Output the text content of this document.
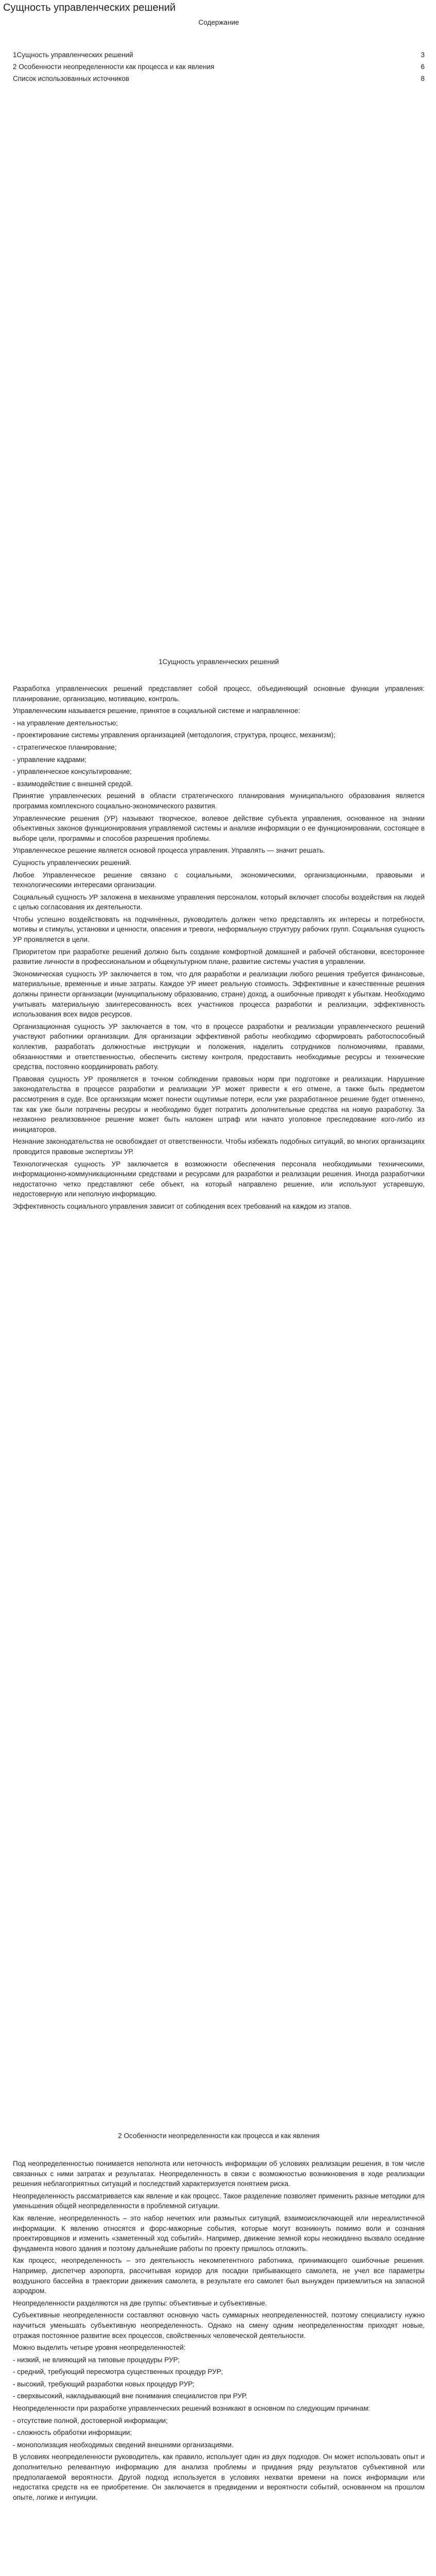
Сущность управленческих решений

Содержание

1Сущность управленческих решений	3
2 Особенности неопределенности как процесса и как явления	6
Список использованных источников	8

1Сущность управленческих решений

Разработка управленческих решений представляет собой процесс, объединяющий основные функции управления: планирование, организацию, мотивацию, контроль.

Управленческим называется решение, принятое в социальной системе и направленное:

- на управление деятельностью;

- проектирование системы управления организацией (методология, структура, процесс, механизм);

- стратегическое планирование;

- управление кадрами;

- управленческое консультирование;

- взаимодействие с внешней средой.

Принятие управленческих решений в области стратегического планирования муниципального образования является программа комплексного социально-экономического развития.

Управленческие решения (УР) называют творческое, волевое действие субъекта управления, основанное на знании объективных законов функционирования управляемой системы и анализе информации о ее функционировании, состоящее в выборе цели, программы и способов разрешения проблемы.

Управленческое решение является основой процесса управления. Управлять — значит решать.

Сущность управленческих решений.

Любое Управленческое решение связано с социальными, экономическими, организационными, правовыми и технологическими интересами организации.

Социальный сущность УР заложена в механизме управления персоналом, который включает способы воздействия на людей с целью согласования их деятельности.

Чтобы успешно воздействовать на подчинённых, руководитель должен четко представлять их интересы и потребности, мотивы и стимулы, установки и ценности, опасения и тревоги, неформальную структуру рабочих групп. Социальная сущность УР проявляется в цели.

Приоритетом при разработке решений должно быть создание комфортной домашней и рабочей обстановки, всестороннее развитие личности в профессиональном и общекультурном плане, развитие системы участия в управлении.

Экономическая сущность УР заключается в том, что для разработки и реализации любого решения требуется финансовые, материальные, временные и иные затраты. Каждое УР имеет реальную стоимость. Эффективные и качественные решения должны принести организации (муниципальному образованию, стране) доход, а ошибочные приводят к убыткам. Необходимо учитывать материальную заинтересованность всех участников процесса разработки и реализации, эффективность использования всех видов ресурсов.

Организационная сущность УР заключается в том, что в процессе разработки и реализации управленческого решений участвуют работники организации. Для организации эффективной работы необходимо сформировать работоспособный коллектив, разработать должностные инструкции и положения, наделить сотрудников полномочиями, правами, обязанностями и ответственностью, обеспечить систему контроля, предоставить необходимые ресурсы и технические средства, постоянно координировать работу.

Правовая сущность УР проявляется в точном соблюдении правовых норм при подготовке и реализации. Нарушение законодательства в процессе разработки и реализации УР может привести к его отмене, а также быть предметом рассмотрения в суде. Все организации может понести ощутимые потери, если уже разработанное решение будет отменено, так как уже были потрачены ресурсы и необходимо будет потратить дополнительные средства на новую разработку. За незаконно реализованное решение может быть наложен штраф или начато уголовное преследование кого-либо из инициаторов.

Незнание законодательства не освобождает от ответственности. Чтобы избежать подобных ситуаций, во многих организациях проводится правовые экспертизы УР.

Технологическая сущность УР заключается в возможности обеспечения персонала необходимыми техническими, информационно-коммуникационными средствами и ресурсами для разработки и реализации решения. Иногда разработчики недостаточно четко представляют себе объект, на который направлено решение, или используют устаревшую, недостоверную или неполную информацию.

Эффективность социального управления зависит от соблюдения всех требований на каждом из этапов.

2 Особенности неопределенности как процесса и как явления

Под неопределенностью понимается неполнота или неточность информации об условиях реализации решения, в том числе связанных с ними затратах и результатах. Неопределенность в связи с возможностью возникновения в ходе реализации решения неблагоприятных ситуаций и последствий характеризуется понятием риска.

Неопределенность рассматривается как явление и как процесс. Такое разделение позволяет применить разные методики для уменьшения общей неопределенности в проблемной ситуации.

Как явление, неопределенность – это набор нечетких или размытых ситуаций, взаимоисключающей или нереалистичной информации. К явлению относятся и форс-мажорные события, которые могут возникнуть помимо воли и сознания проектировщиков и изменить «заметенный ход событий». Например, движение земной коры неожиданно вызвало оседание фундамента нового здания и поэтому дальнейшие работы по проекту пришлось отложить.

Как процесс, неопределенность – это деятельность некомпетентного работника, принимающего ошибочные решения. Например, диспетчер аэропорта, рассчитывая коридор для посадки прибывающего самолета, не учел все параметры воздушного бассейна в траектории движения самолета, в результате его самолет был вынужден приземлиться на запасной аэродром.

Неопределенности разделяются на две группы: объективные и субъективные.

Субъективные неопределенности составляют основную часть суммарных неопределенностей, поэтому специалисту нужно научиться уменьшать субъективную неопределенность. Однако на смену одним неопределенностям приходят новые, отражая постоянное развитие всех процессов, свойственных человеческой деятельности.

Можно выделить четыре уровня неопределенностей:

- низкий, не влияющий на типовые процедуры РУР;

- средний, требующий пересмотра существенных процедур РУР;

- высокий, требующий разработки новых процедур РУР;

- сверхвысокий, накладывающий вне понимания специалистов при РУР.

Неопределенности при разработке управленческих решений возникают в основном по следующим причинам:

- отсутствие полной, достоверной информации;

- сложность обработки информации;

- монополизация необходимых сведений внешними организациями.

В условиях неопределенности руководитель, как правило, использует один из двух подходов. Он может использовать опыт и дополнительно релевантную информацию для анализа проблемы и придания ряду результатов субъективной или предполагаемой вероятности. Другой подход используется в условиях нехватки времени на поиск информации или недостатка средств на ее приобретение. Он заключается в предвидении и вероятности событий, основанном на прошлом опыте, логике и интуиции.
